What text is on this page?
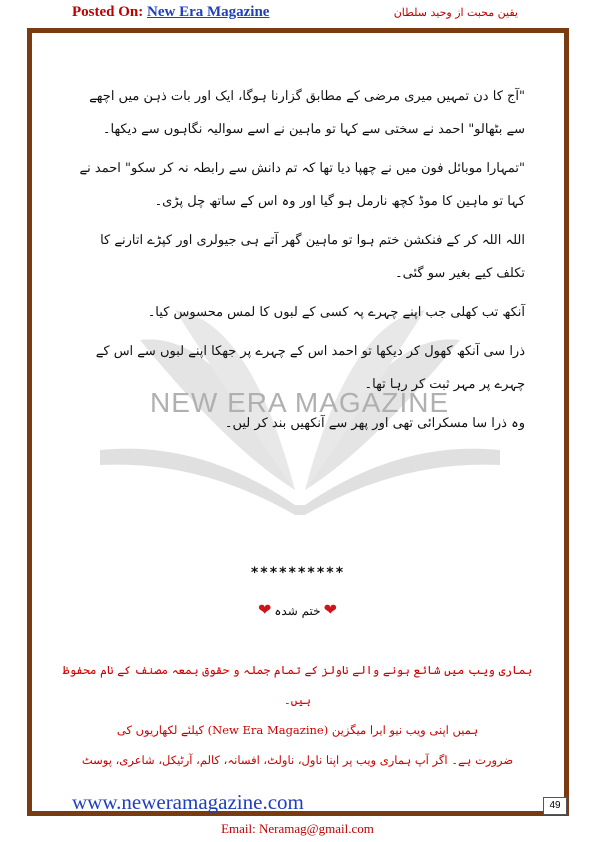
Posted On: New Era Magazine	یقین محبت از وحید سلطان
NEW ERA MAGAZINE

"آج کا دن تمہیں میری مرضی کے مطابق گزارنا ہوگا، ایک اور بات ذہن میں اچھے سے بٹھالو" احمد نے سختی سے کہا تو ماہین نے اسے سوالیہ نگاہوں سے دیکھا۔

"تمہارا موبائل فون میں نے چھپا دیا تھا کہ تم دانش سے رابطہ نہ کر سکو" احمد نے کہا تو ماہین کا موڈ کچھ نارمل ہو گیا اور وہ اس کے ساتھ چل پڑی۔

اللہ اللہ کر کے فنکشن ختم ہوا تو ماہین گھر آتے ہی جیولری اور کپڑے اتارنے کا تکلف کیے بغیر سو گئی۔

آنکھ تب کھلی جب اپنے چہرے پہ کسی کے لبوں کا لمس محسوس کیا۔

ذرا سی آنکھ کھول کر دیکھا تو احمد اس کے چہرے پر جھکا اپنے لبوں سے اس کے چہرے پر مہر ثبت کر رہا تھا۔

وہ ذرا سا مسکرائی تھی اور پھر سے آنکھیں بند کر لیں۔

**********
❤ختم شدہ❤

ہماری ویب میں شائع ہونے والے ناولز کے تمام جملہ و حقوق بمعہ مصنف کے نام محفوظ ہیں۔

ہمیں اپنی ویب نیو ایرا میگزین (New Era Magazine) کیلئے لکھاریوں کی

ضرورت ہے۔ اگر آپ ہماری ویب پر اپنا ناول، ناولٹ، افسانہ، کالم، آرٹیکل، شاعری، پوسٹ

www.neweramagazine.com	49
Email: Neramag@gmail.com
